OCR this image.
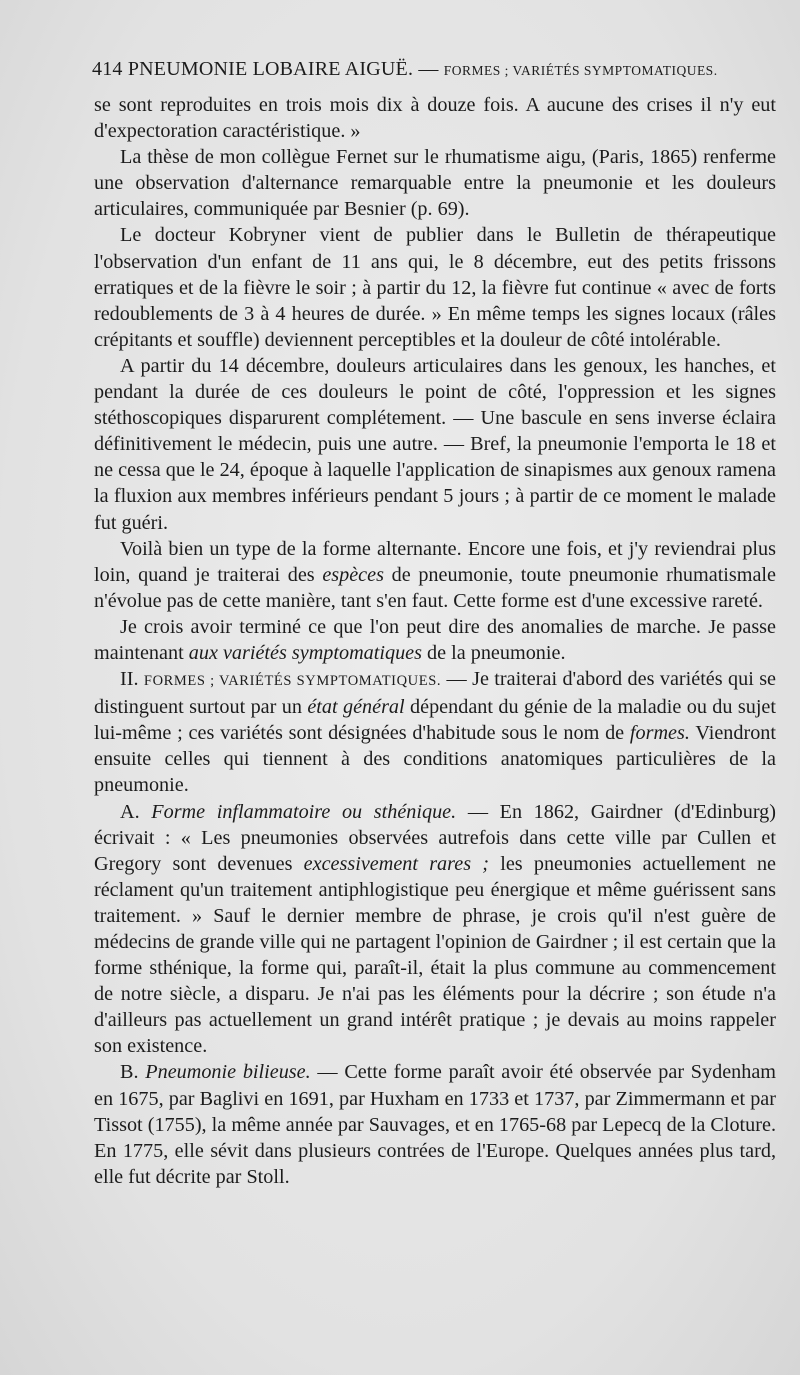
414 PNEUMONIE LOBAIRE AIGUË. — FORMES ; VARIÉTÉS SYMPTOMATIQUES.

se sont reproduites en trois mois dix à douze fois. A aucune des crises il n'y eut d'expectoration caractéristique. »

La thèse de mon collègue Fernet sur le rhumatisme aigu, (Paris, 1865) renferme une observation d'alternance remarquable entre la pneumonie et les douleurs articulaires, communiquée par Besnier (p. 69).

Le docteur Kobryner vient de publier dans le Bulletin de thérapeutique l'observation d'un enfant de 11 ans qui, le 8 décembre, eut des petits frissons erratiques et de la fièvre le soir ; à partir du 12, la fièvre fut continue « avec de forts redoublements de 3 à 4 heures de durée. » En même temps les signes locaux (râles crépitants et souffle) deviennent perceptibles et la douleur de côté intolérable.

A partir du 14 décembre, douleurs articulaires dans les genoux, les hanches, et pendant la durée de ces douleurs le point de côté, l'oppression et les signes stéthoscopiques disparurent complétement. — Une bascule en sens inverse éclaira définitivement le médecin, puis une autre. — Bref, la pneumonie l'emporta le 18 et ne cessa que le 24, époque à laquelle l'application de sinapismes aux genoux ramena la fluxion aux membres inférieurs pendant 5 jours ; à partir de ce moment le malade fut guéri.

Voilà bien un type de la forme alternante. Encore une fois, et j'y reviendrai plus loin, quand je traiterai des espèces de pneumonie, toute pneumonie rhumatismale n'évolue pas de cette manière, tant s'en faut. Cette forme est d'une excessive rareté.

Je crois avoir terminé ce que l'on peut dire des anomalies de marche. Je passe maintenant aux variétés symptomatiques de la pneumonie.

II. FORMES ; VARIÉTÉS SYMPTOMATIQUES. — Je traiterai d'abord des variétés qui se distinguent surtout par un état général dépendant du génie de la maladie ou du sujet lui-même ; ces variétés sont désignées d'habitude sous le nom de formes. Viendront ensuite celles qui tiennent à des conditions anatomiques particulières de la pneumonie.

A. Forme inflammatoire ou sthénique. — En 1862, Gairdner (d'Edinburg) écrivait : « Les pneumonies observées autrefois dans cette ville par Cullen et Gregory sont devenues excessivement rares ; les pneumonies actuellement ne réclament qu'un traitement antiphlogistique peu énergique et même guérissent sans traitement. » Sauf le dernier membre de phrase, je crois qu'il n'est guère de médecins de grande ville qui ne partagent l'opinion de Gairdner ; il est certain que la forme sthénique, la forme qui, paraît-il, était la plus commune au commencement de notre siècle, a disparu. Je n'ai pas les éléments pour la décrire ; son étude n'a d'ailleurs pas actuellement un grand intérêt pratique ; je devais au moins rappeler son existence.

B. Pneumonie bilieuse. — Cette forme paraît avoir été observée par Sydenham en 1675, par Baglivi en 1691, par Huxham en 1733 et 1737, par Zimmermann et par Tissot (1755), la même année par Sauvages, et en 1765-68 par Lepecq de la Cloture. En 1775, elle sévit dans plusieurs contrées de l'Europe. Quelques années plus tard, elle fut décrite par Stoll.
